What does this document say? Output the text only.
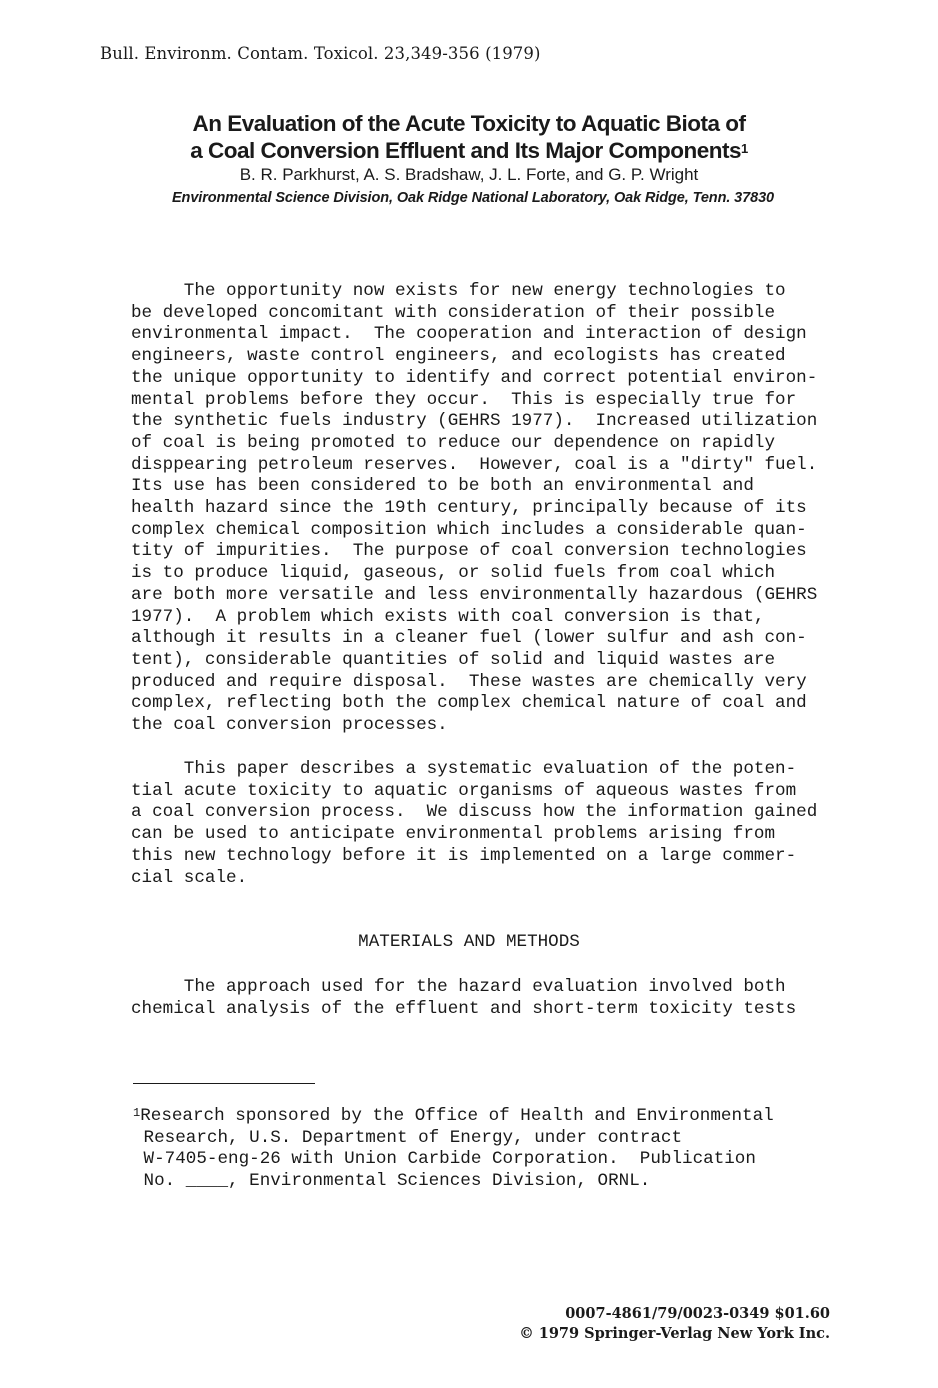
Bull. Environm. Contam. Toxicol. 23,349-356 (1979)
An Evaluation of the Acute Toxicity to Aquatic Biota of
a Coal Conversion Effluent and Its Major Components$^1$
B. R. Parkhurst, A. S. Bradshaw, J. L. Forte, and G. P. Wright
Environmental Science Division, Oak Ridge National Laboratory, Oak Ridge, Tenn. 37830

The opportunity now exists for new energy technologies to
be developed concomitant with consideration of their possible
environmental impact.  The cooperation and interaction of design
engineers, waste control engineers, and ecologists has created
the unique opportunity to identify and correct potential environ-
mental problems before they occur.  This is especially true for
the synthetic fuels industry (GEHRS 1977).  Increased utilization
of coal is being promoted to reduce our dependence on rapidly
disppearing petroleum reserves.  However, coal is a "dirty" fuel.
Its use has been considered to be both an environmental and
health hazard since the 19th century, principally because of its
complex chemical composition which includes a considerable quan-
tity of impurities.  The purpose of coal conversion technologies
is to produce liquid, gaseous, or solid fuels from coal which
are both more versatile and less environmentally hazardous (GEHRS
1977).  A problem which exists with coal conversion is that,
although it results in a cleaner fuel (lower sulfur and ash con-
tent), considerable quantities of solid and liquid wastes are
produced and require disposal.  These wastes are chemically very
complex, reflecting both the complex chemical nature of coal and
the coal conversion processes.

This paper describes a systematic evaluation of the poten-
tial acute toxicity to aquatic organisms of aqueous wastes from
a coal conversion process.  We discuss how the information gained
can be used to anticipate environmental problems arising from
this new technology before it is implemented on a large commer-
cial scale.

MATERIALS AND METHODS

The approach used for the hazard evaluation involved both
chemical analysis of the effluent and short-term toxicity tests

$^1$Research sponsored by the Office of Health and Environmental
Research, U.S. Department of Energy, under contract
W-7405-eng-26 with Union Carbide Corporation.  Publication
No. ____, Environmental Sciences Division, ORNL.

0007-4861/79/0023-0349 $01.60
© 1979 Springer-Verlag New York Inc.
